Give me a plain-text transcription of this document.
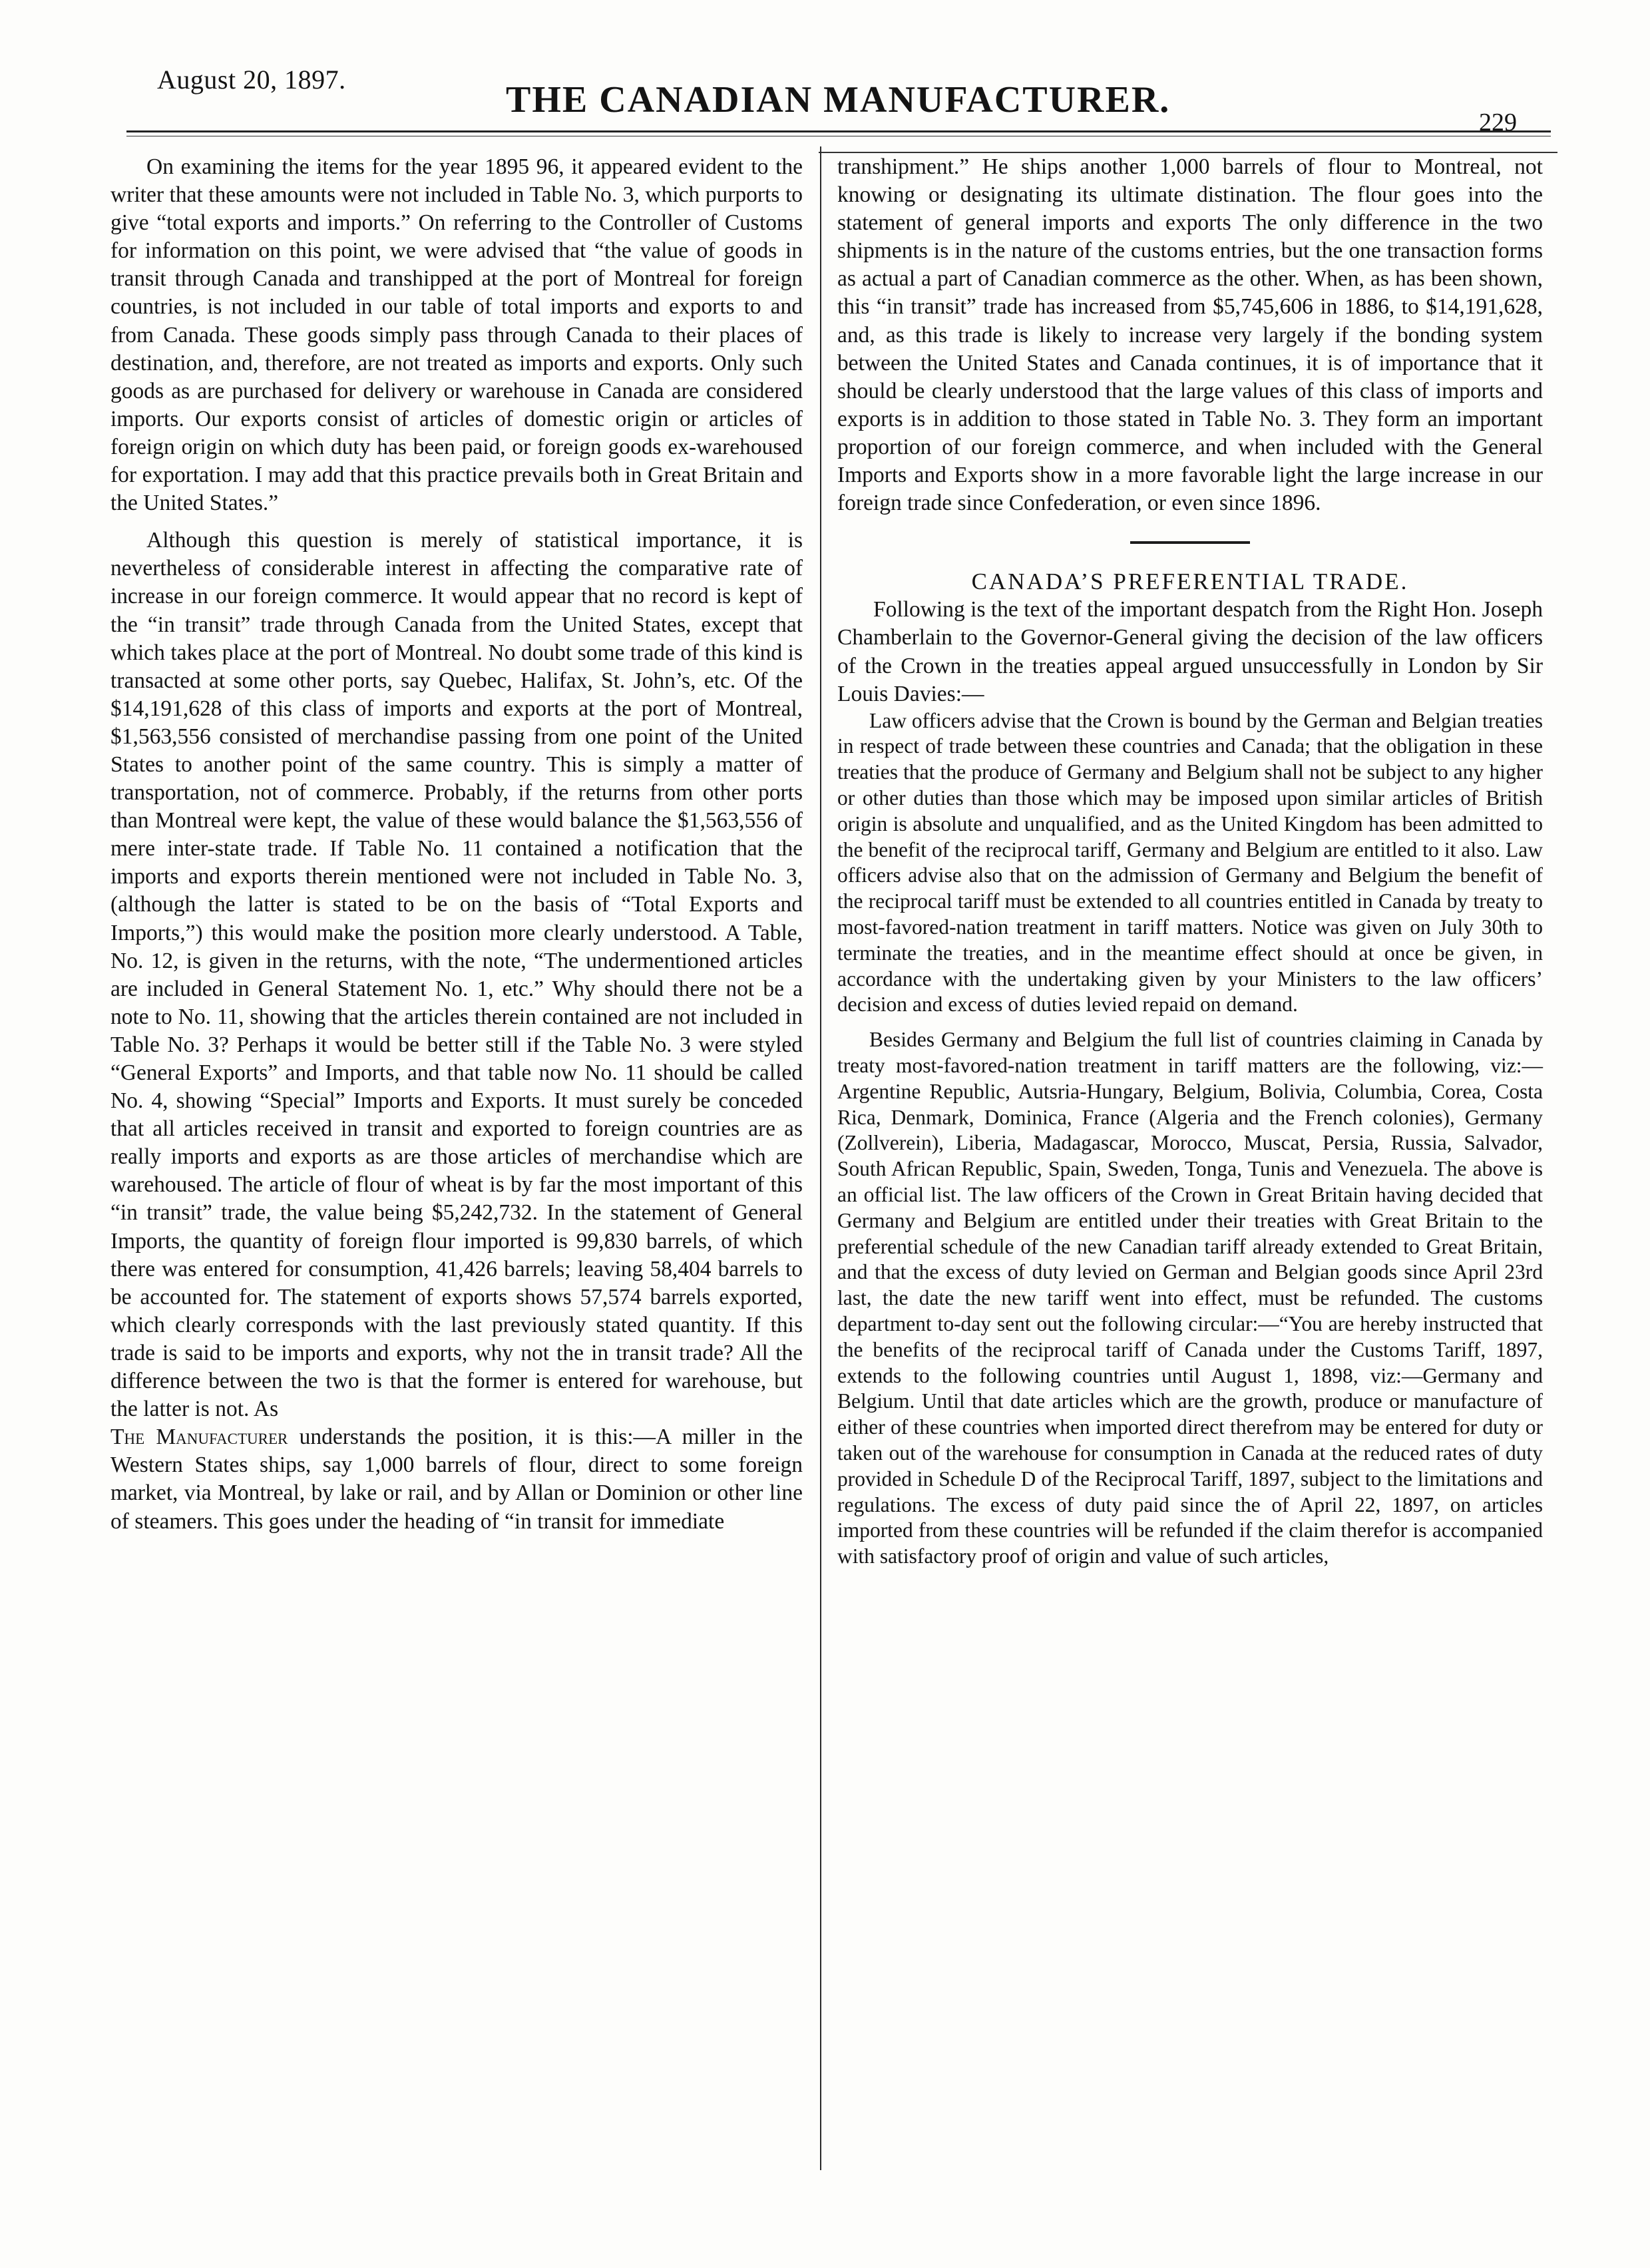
August 20, 1897.	THE CANADIAN MANUFACTURER.
229

On examining the items for the year 1895 96, it appeared evident to the writer that these amounts were not included in Table No. 3, which purports to give “total exports and imports.” On referring to the Controller of Customs for information on this point, we were advised that “the value of goods in transit through Canada and transhipped at the port of Montreal for foreign countries, is not included in our table of total imports and exports to and from Canada. These goods simply pass through Canada to their places of destination, and, therefore, are not treated as imports and exports. Only such goods as are purchased for delivery or warehouse in Canada are considered imports. Our exports consist of articles of domestic origin or articles of foreign origin on which duty has been paid, or foreign goods ex-warehoused for exportation. I may add that this practice prevails both in Great Britain and the United States.”

Although this question is merely of statistical importance, it is nevertheless of considerable interest in affecting the comparative rate of increase in our foreign commerce. It would appear that no record is kept of the “in transit” trade through Canada from the United States, except that which takes place at the port of Montreal. No doubt some trade of this kind is transacted at some other ports, say Quebec, Halifax, St. John’s, etc. Of the $14,191,628 of this class of imports and exports at the port of Montreal, $1,563,556 consisted of merchandise passing from one point of the United States to another point of the same country. This is simply a matter of transportation, not of commerce. Probably, if the returns from other ports than Montreal were kept, the value of these would balance the $1,563,556 of mere inter-state trade. If Table No. 11 contained a notification that the imports and exports therein mentioned were not included in Table No. 3, (although the latter is stated to be on the basis of “Total Exports and Imports,”) this would make the position more clearly understood. A Table, No. 12, is given in the returns, with the note, “The undermentioned articles are included in General Statement No. 1, etc.” Why should there not be a note to No. 11, showing that the articles therein contained are not included in Table No. 3? Perhaps it would be better still if the Table No. 3 were styled “General Exports” and Imports, and that table now No. 11 should be called No. 4, showing “Special” Imports and Exports. It must surely be conceded that all articles received in transit and exported to foreign countries are as really imports and exports as are those articles of merchandise which are warehoused. The article of flour of wheat is by far the most important of this “in transit” trade, the value being $5,242,732. In the statement of General Imports, the quantity of foreign flour imported is 99,830 barrels, of which there was entered for consumption, 41,426 barrels; leaving 58,404 barrels to be accounted for. The statement of exports shows 57,574 barrels exported, which clearly corresponds with the last previously stated quantity. If this trade is said to be imports and exports, why not the in transit trade? All the difference between the two is that the former is entered for warehouse, but the latter is not. As

The Manufacturer understands the position, it is this:—A miller in the Western States ships, say 1,000 barrels of flour, direct to some foreign market, via Montreal, by lake or rail, and by Allan or Dominion or other line of steamers. This goes under the heading of “in transit for immediate

transhipment.” He ships another 1,000 barrels of flour to Montreal, not knowing or designating its ultimate distination. The flour goes into the statement of general imports and exports The only difference in the two shipments is in the nature of the customs entries, but the one transaction forms as actual a part of Canadian commerce as the other. When, as has been shown, this “in transit” trade has increased from $5,745,606 in 1886, to $14,191,628, and, as this trade is likely to increase very largely if the bonding system between the United States and Canada continues, it is of importance that it should be clearly understood that the large values of this class of imports and exports is in addition to those stated in Table No. 3. They form an important proportion of our foreign commerce, and when included with the General Imports and Exports show in a more favorable light the large increase in our foreign trade since Confederation, or even since 1896.

CANADA’S PREFERENTIAL TRADE.

Following is the text of the important despatch from the Right Hon. Joseph Chamberlain to the Governor-General giving the decision of the law officers of the Crown in the treaties appeal argued unsuccessfully in London by Sir Louis Davies:—

Law officers advise that the Crown is bound by the German and Belgian treaties in respect of trade between these countries and Canada; that the obligation in these treaties that the produce of Germany and Belgium shall not be subject to any higher or other duties than those which may be imposed upon similar articles of British origin is absolute and unqualified, and as the United Kingdom has been admitted to the benefit of the reciprocal tariff, Germany and Belgium are entitled to it also. Law officers advise also that on the admission of Germany and Belgium the benefit of the reciprocal tariff must be extended to all countries entitled in Canada by treaty to most-favored-nation treatment in tariff matters. Notice was given on July 30th to terminate the treaties, and in the meantime effect should at once be given, in accordance with the undertaking given by your Ministers to the law officers’ decision and excess of duties levied repaid on demand.

Besides Germany and Belgium the full list of countries claiming in Canada by treaty most-favored-nation treatment in tariff matters are the following, viz:—Argentine Republic, Autsria-Hungary, Belgium, Bolivia, Columbia, Corea, Costa Rica, Denmark, Dominica, France (Algeria and the French colonies), Germany (Zollverein), Liberia, Madagascar, Morocco, Muscat, Persia, Russia, Salvador, South African Republic, Spain, Sweden, Tonga, Tunis and Venezuela. The above is an official list. The law officers of the Crown in Great Britain having decided that Germany and Belgium are entitled under their treaties with Great Britain to the preferential schedule of the new Canadian tariff already extended to Great Britain, and that the excess of duty levied on German and Belgian goods since April 23rd last, the date the new tariff went into effect, must be refunded. The customs department to-day sent out the following circular:—“You are hereby instructed that the benefits of the reciprocal tariff of Canada under the Customs Tariff, 1897, extends to the following countries until August 1, 1898, viz:—Germany and Belgium. Until that date articles which are the growth, produce or manufacture of either of these countries when imported direct therefrom may be entered for duty or taken out of the warehouse for consumption in Canada at the reduced rates of duty provided in Schedule D of the Reciprocal Tariff, 1897, subject to the limitations and regulations. The excess of duty paid since the of April 22, 1897, on articles imported from these countries will be refunded if the claim therefor is accompanied with satisfactory proof of origin and value of such articles,
